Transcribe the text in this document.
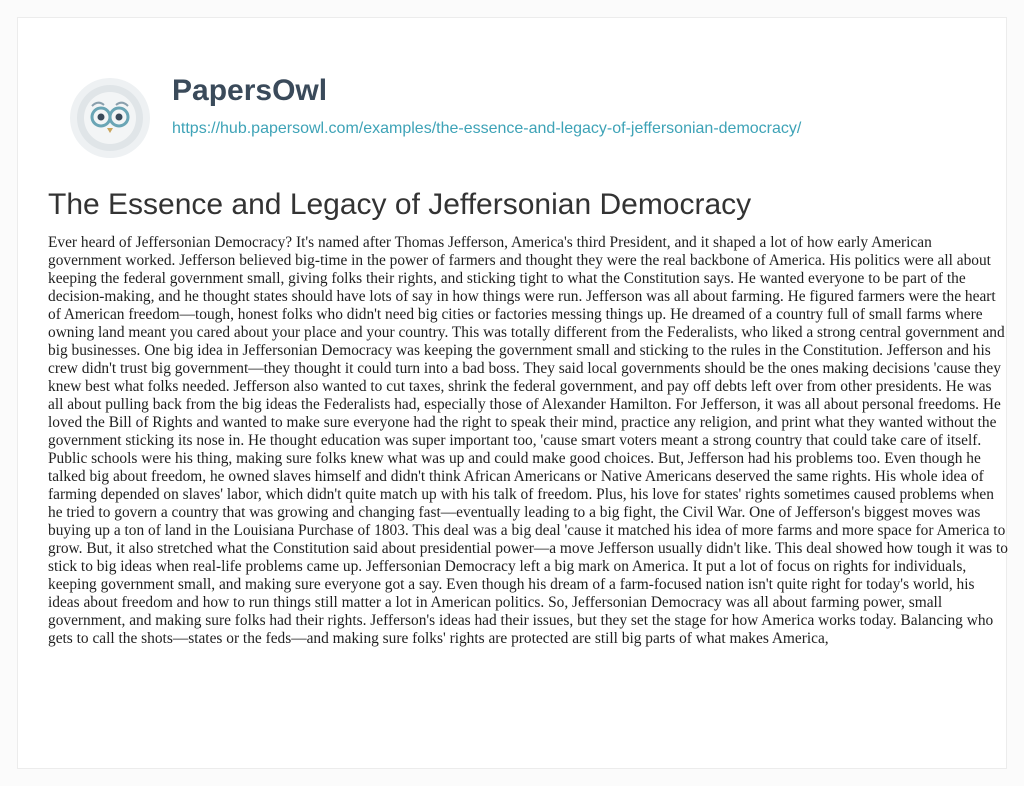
PapersOwl
https://hub.papersowl.com/examples/the-essence-and-legacy-of-jeffersonian-democracy/
The Essence and Legacy of Jeffersonian Democracy

Ever heard of Jeffersonian Democracy? It's named after Thomas Jefferson, America's third President, and it shaped a lot of how early American government worked. Jefferson believed big-time in the power of farmers and thought they were the real backbone of America. His politics were all about keeping the federal government small, giving folks their rights, and sticking tight to what the Constitution says. He wanted everyone to be part of the decision-making, and he thought states should have lots of say in how things were run. Jefferson was all about farming. He figured farmers were the heart of American freedom—tough, honest folks who didn't need big cities or factories messing things up. He dreamed of a country full of small farms where owning land meant you cared about your place and your country. This was totally different from the Federalists, who liked a strong central government and big businesses. One big idea in Jeffersonian Democracy was keeping the government small and sticking to the rules in the Constitution. Jefferson and his crew didn't trust big government—they thought it could turn into a bad boss. They said local governments should be the ones making decisions 'cause they knew best what folks needed. Jefferson also wanted to cut taxes, shrink the federal government, and pay off debts left over from other presidents. He was all about pulling back from the big ideas the Federalists had, especially those of Alexander Hamilton. For Jefferson, it was all about personal freedoms. He loved the Bill of Rights and wanted to make sure everyone had the right to speak their mind, practice any religion, and print what they wanted without the government sticking its nose in. He thought education was super important too, 'cause smart voters meant a strong country that could take care of itself. Public schools were his thing, making sure folks knew what was up and could make good choices. But, Jefferson had his problems too. Even though he talked big about freedom, he owned slaves himself and didn't think African Americans or Native Americans deserved the same rights. His whole idea of farming depended on slaves' labor, which didn't quite match up with his talk of freedom. Plus, his love for states' rights sometimes caused problems when he tried to govern a country that was growing and changing fast—eventually leading to a big fight, the Civil War. One of Jefferson's biggest moves was buying up a ton of land in the Louisiana Purchase of 1803. This deal was a big deal 'cause it matched his idea of more farms and more space for America to grow. But, it also stretched what the Constitution said about presidential power—a move Jefferson usually didn't like. This deal showed how tough it was to stick to big ideas when real-life problems came up. Jeffersonian Democracy left a big mark on America. It put a lot of focus on rights for individuals, keeping government small, and making sure everyone got a say. Even though his dream of a farm-focused nation isn't quite right for today's world, his ideas about freedom and how to run things still matter a lot in American politics. So, Jeffersonian Democracy was all about farming power, small government, and making sure folks had their rights. Jefferson's ideas had their issues, but they set the stage for how America works today. Balancing who gets to call the shots—states or the feds—and making sure folks' rights are protected are still big parts of what makes America,
